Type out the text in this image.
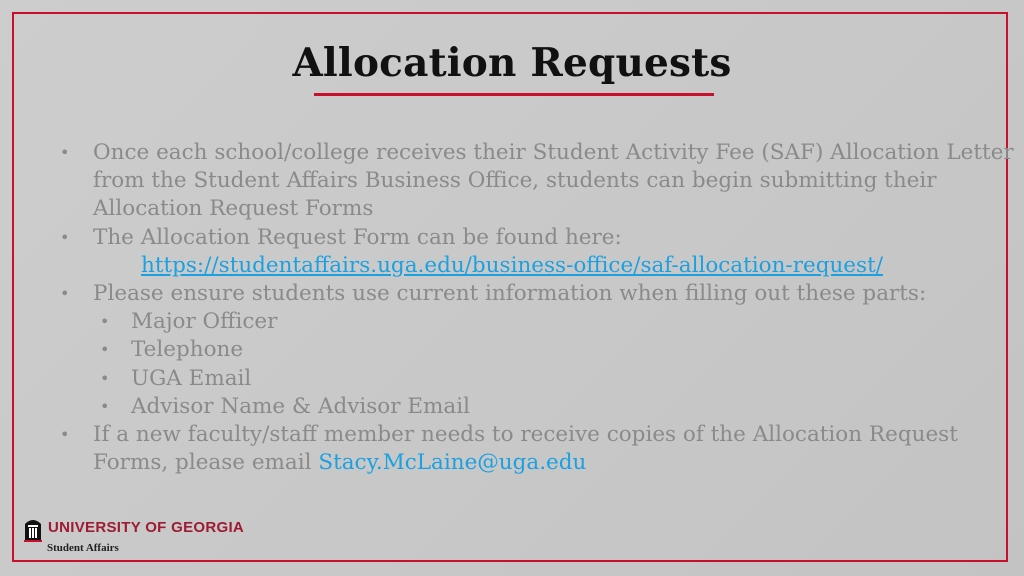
Allocation Requests
• Once each school/college receives their Student Activity Fee (SAF) Allocation Letter
from the Student Affairs Business Office, students can begin submitting their
Allocation Request Forms
• The Allocation Request Form can be found here:
https://studentaffairs.uga.edu/business-office/saf-allocation-request/
• Please ensure students use current information when filling out these parts:
• Major Officer
• Telephone
• UGA Email
• Advisor Name & Advisor Email
• If a new faculty/staff member needs to receive copies of the Allocation Request
Forms, please email Stacy.McLaine@uga.edu
UNIVERSITY OF GEORGIA
Student Affairs
